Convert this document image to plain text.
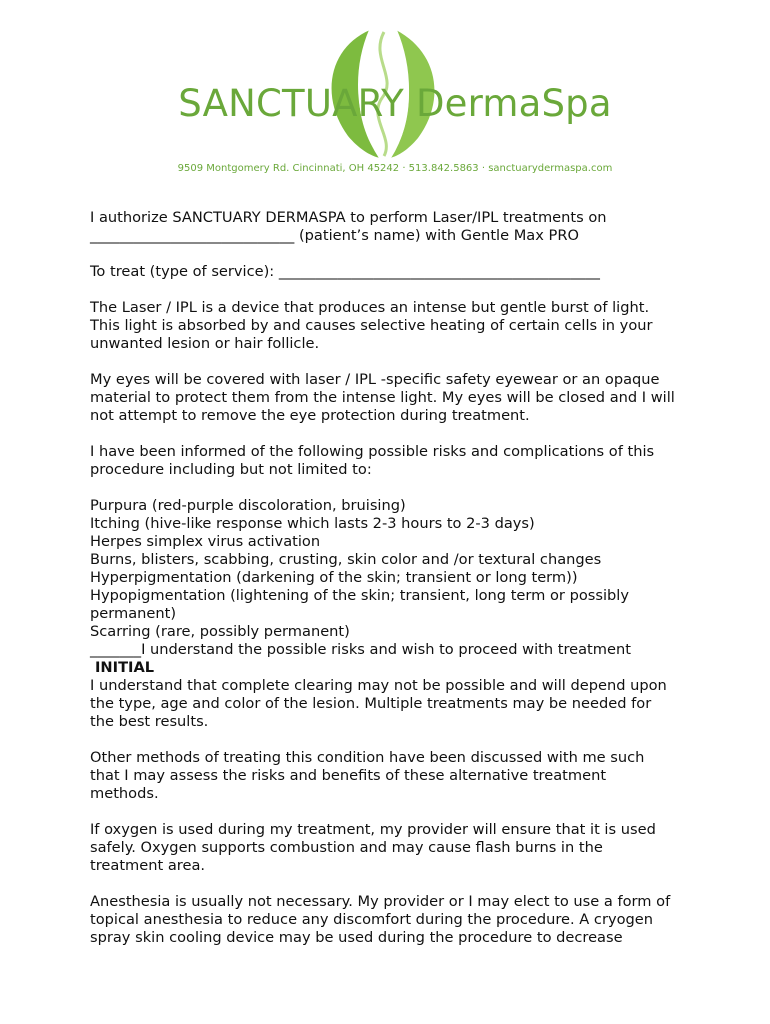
SANCTUARY DermaSpa
9509 Montgomery Rd. Cincinnati, OH 45242 · 513.842.5863 · sanctuarydermaspa.com

I authorize SANCTUARY DERMASPA to perform Laser/IPL treatments on
____________________________ (patient’s name) with Gentle Max PRO

To treat (type of service): ____________________________________________

The Laser / IPL is a device that produces an intense but gentle burst of light.
This light is absorbed by and causes selective heating of certain cells in your
unwanted lesion or hair follicle.

My eyes will be covered with laser / IPL -specific safety eyewear or an opaque
material to protect them from the intense light. My eyes will be closed and I will
not attempt to remove the eye protection during treatment.

I have been informed of the following possible risks and complications of this
procedure including but not limited to:

Purpura (red-purple discoloration, bruising)
Itching (hive-like response which lasts 2-3 hours to 2-3 days)
Herpes simplex virus activation
Burns, blisters, scabbing, crusting, skin color and /or textural changes
Hyperpigmentation (darkening of the skin; transient or long term))
Hypopigmentation (lightening of the skin; transient, long term or possibly
permanent)
Scarring (rare, possibly permanent)
_______I understand the possible risks and wish to proceed with treatment
INITIAL

I understand that complete clearing may not be possible and will depend upon
the type, age and color of the lesion. Multiple treatments may be needed for
the best results.

Other methods of treating this condition have been discussed with me such
that I may assess the risks and benefits of these alternative treatment
methods.

If oxygen is used during my treatment, my provider will ensure that it is used
safely. Oxygen supports combustion and may cause flash burns in the
treatment area.

Anesthesia is usually not necessary. My provider or I may elect to use a form of
topical anesthesia to reduce any discomfort during the procedure. A cryogen
spray skin cooling device may be used during the procedure to decrease
